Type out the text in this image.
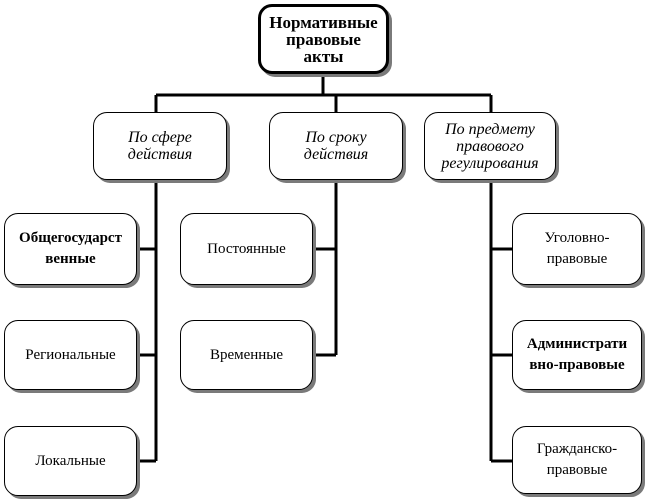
Нормативные
правовые
акты
По сфере
действия
По сроку
действия
По предмету
правового
регулирования
Общегосударст
венные
Региональные
Локальные
Постоянные
Временные
Уголовно-
правовые
Администрати
вно-правовые
Гражданско-
правовые
